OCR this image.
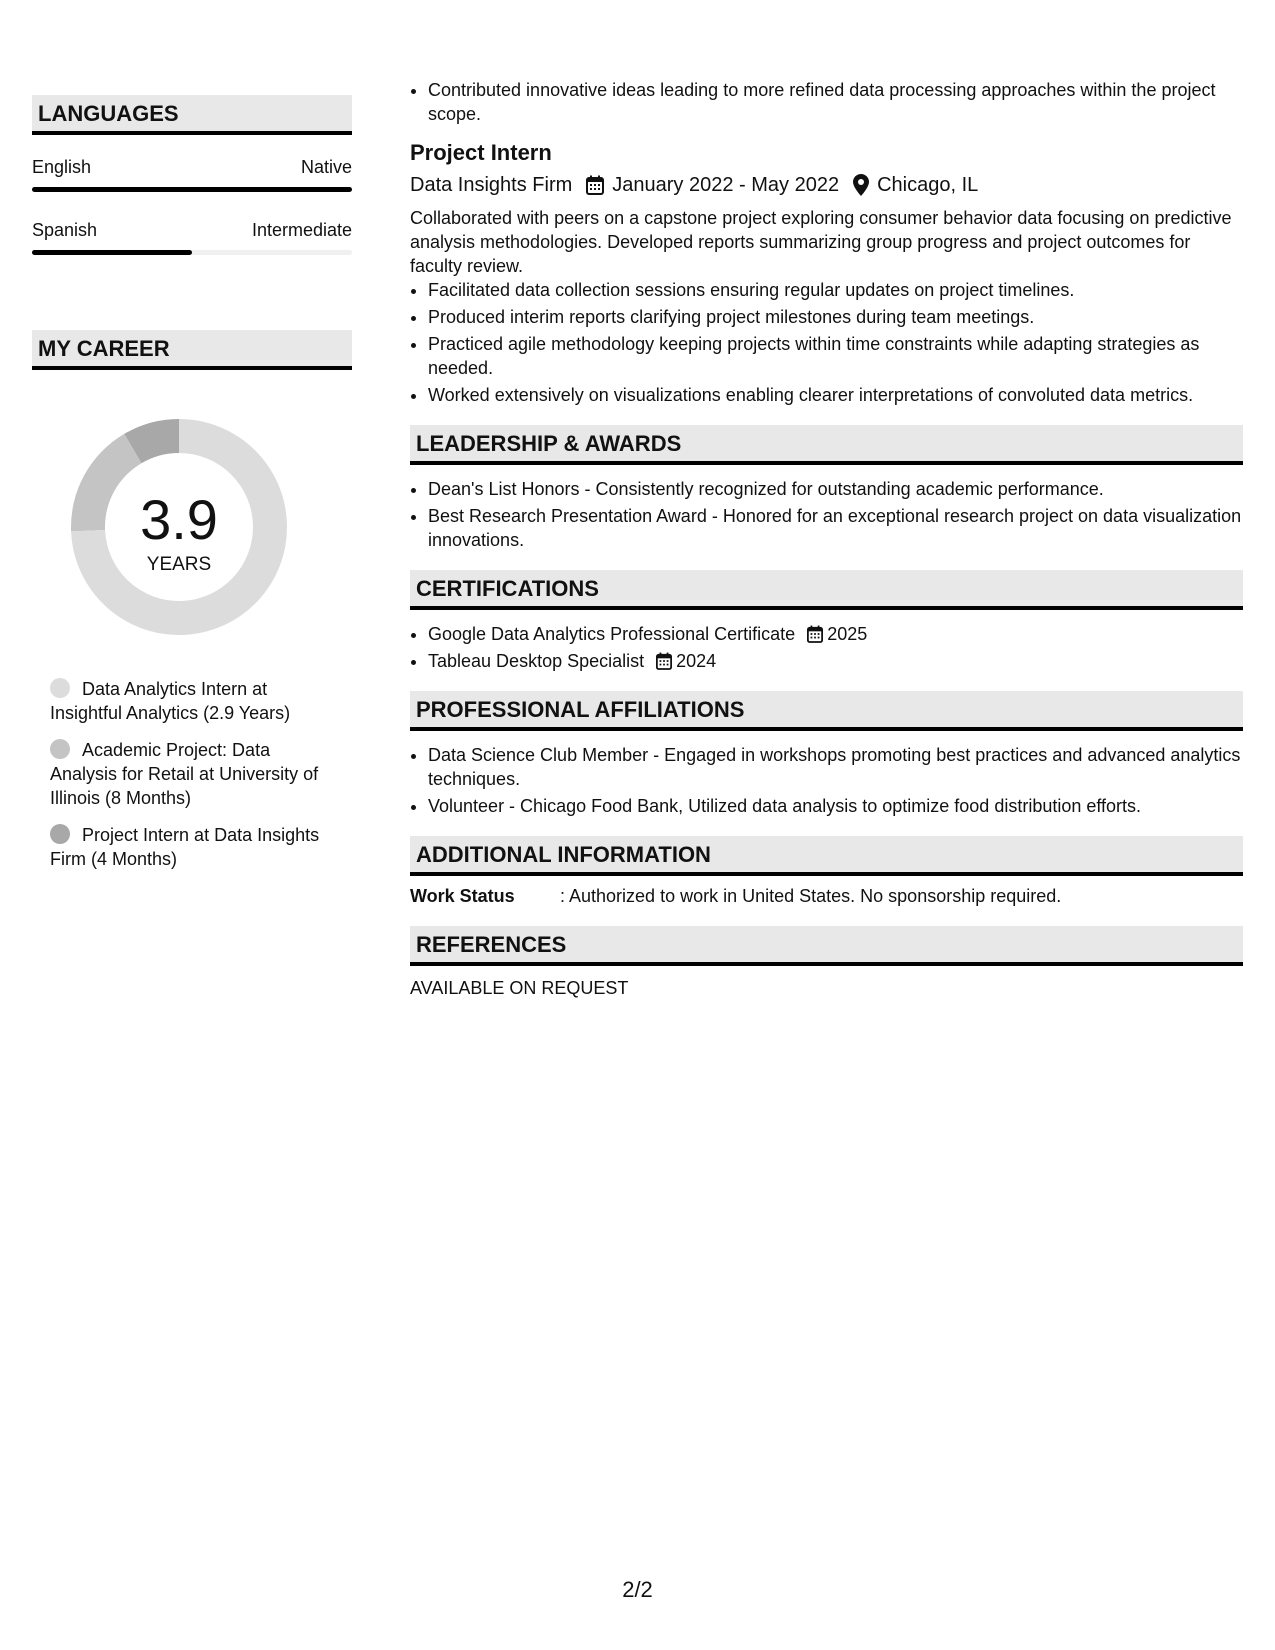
LANGUAGES
English	Native
Spanish	Intermediate
MY CAREER
3.9
YEARS
Data Analytics Intern at Insightful Analytics (2.9 Years)
Academic Project: Data Analysis for Retail at University of Illinois (8 Months)
Project Intern at Data Insights Firm (4 Months)
• Contributed innovative ideas leading to more refined data processing approaches within the project scope.
Project Intern
Data Insights Firm January 2022 - May 2022 Chicago, IL
Collaborated with peers on a capstone project exploring consumer behavior data focusing on predictive analysis methodologies. Developed reports summarizing group progress and project outcomes for faculty review.
• Facilitated data collection sessions ensuring regular updates on project timelines.
• Produced interim reports clarifying project milestones during team meetings.
• Practiced agile methodology keeping projects within time constraints while adapting strategies as needed.
• Worked extensively on visualizations enabling clearer interpretations of convoluted data metrics.
LEADERSHIP & AWARDS
• Dean's List Honors - Consistently recognized for outstanding academic performance.
• Best Research Presentation Award - Honored for an exceptional research project on data visualization innovations.
CERTIFICATIONS
• Google Data Analytics Professional Certificate 2025
• Tableau Desktop Specialist 2024
PROFESSIONAL AFFILIATIONS
• Data Science Club Member - Engaged in workshops promoting best practices and advanced analytics techniques.
• Volunteer - Chicago Food Bank, Utilized data analysis to optimize food distribution efforts.
ADDITIONAL INFORMATION
Work Status	: Authorized to work in United States. No sponsorship required.
REFERENCES
AVAILABLE ON REQUEST
2/2
